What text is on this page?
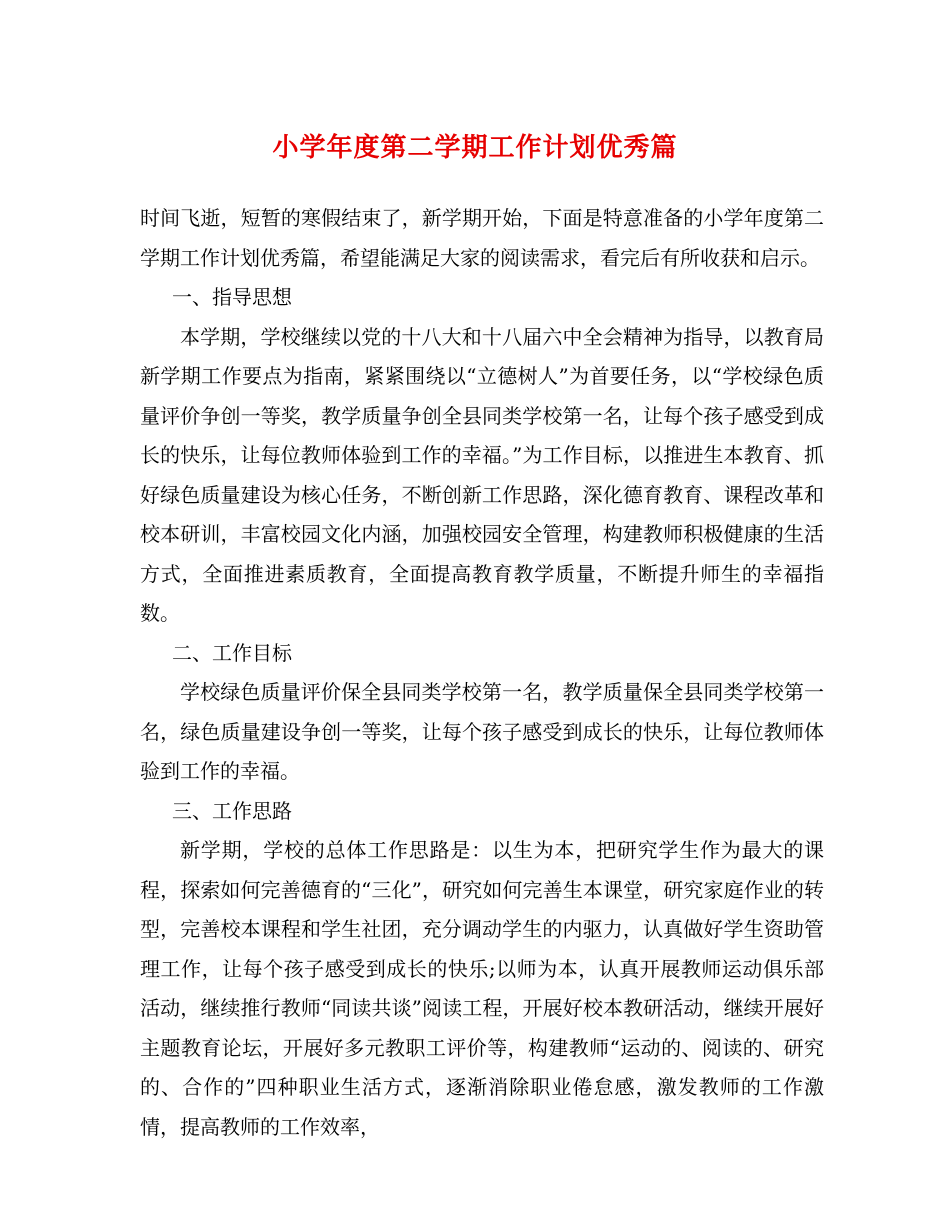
小学年度第二学期工作计划优秀篇

时间飞逝，短暂的寒假结束了，新学期开始，下面是特意准备的小学年度第二学期工作计划优秀篇，希望能满足大家的阅读需求，看完后有所收获和启示。

一、指导思想

本学期，学校继续以党的十八大和十八届六中全会精神为指导，以教育局新学期工作要点为指南，紧紧围绕以“立德树人”为首要任务，以“学校绿色质量评价争创一等奖，教学质量争创全县同类学校第一名，让每个孩子感受到成长的快乐，让每位教师体验到工作的幸福。”为工作目标，以推进生本教育、抓好绿色质量建设为核心任务，不断创新工作思路，深化德育教育、课程改革和校本研训，丰富校园文化内涵，加强校园安全管理，构建教师积极健康的生活方式，全面推进素质教育，全面提高教育教学质量，不断提升师生的幸福指数。

二、工作目标

学校绿色质量评价保全县同类学校第一名，教学质量保全县同类学校第一名，绿色质量建设争创一等奖，让每个孩子感受到成长的快乐，让每位教师体验到工作的幸福。

三、工作思路

新学期，学校的总体工作思路是：以生为本，把研究学生作为最大的课程，探索如何完善德育的“三化”，研究如何完善生本课堂，研究家庭作业的转型，完善校本课程和学生社团，充分调动学生的内驱力，认真做好学生资助管理工作，让每个孩子感受到成长的快乐;以师为本，认真开展教师运动俱乐部活动，继续推行教师“同读共谈”阅读工程，开展好校本教研活动，继续开展好主题教育论坛，开展好多元教职工评价等，构建教师“运动的、阅读的、研究的、合作的”四种职业生活方式，逐渐消除职业倦怠感，激发教师的工作激情，提高教师的工作效率，
